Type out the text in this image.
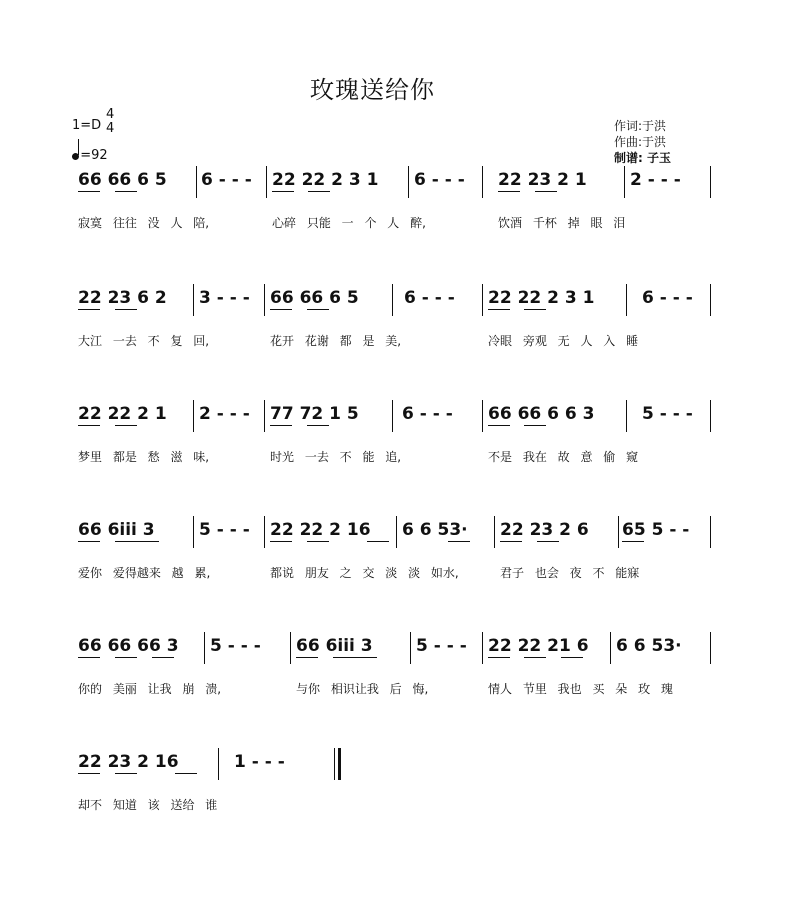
玫瑰送给你
1=D
4
4
=92
作词:于洪
作曲:于洪
制谱: 子玉
66 66 6 5 6 - - - 22 22 2 3 1 6 - - - 22 23 2 1	2 - - -
寂寞 往往 没 人 陪,	心碎 只能 一 个 人 醉,	饮酒 千杯 掉 眼 泪
22 23 6 2 3 - - - 66 66 6 5	6 - - - 22 22 2 3 1	6 - - -
大江 一去 不 复 回,	花开 花谢 都 是 美,	冷眼 旁观 无 人 入 睡
22 22 2 1 2 - - - 77 72 1 5	6 - - - 66 66 6 6 3	5 - - -
梦里 都是 愁 滋 味,	时光 一去 不 能 追,	不是 我在 故 意 偷 窥
66 6i̇i̇i̇ 3	5 - - - 22 22 2 16 6 6 53· 22 23 2 6 65 5 - -
爱你 爱得越来 越 累,	都说 朋友 之 交 淡 淡 如水,	君子 也会 夜 不 能寐
66 66 66 3 5 - - - 66 6i̇i̇i̇ 3	5 - - - 22 22 21 6 6 6 53·
你的 美丽 让我 崩 溃,	与你 相识让我 后 悔,	情人 节里 我也 买 朵 玫 瑰
22 23 2 16	1 - - -
却不 知道 该 送给 谁
